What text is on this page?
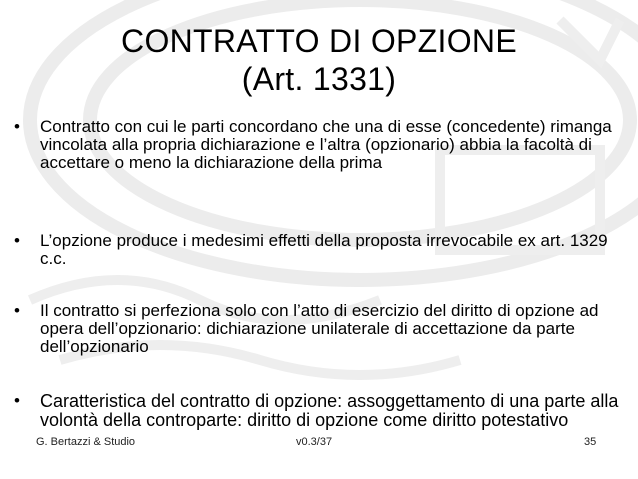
CONTRATTO DI OPZIONE
(Art. 1331)
• Contratto con cui le parti concordano che una di esse (concedente) rimanga vincolata alla propria dichiarazione e l’altra (opzionario) abbia la facoltà di accettare o meno la dichiarazione della prima
• L’opzione produce i medesimi effetti della proposta irrevocabile ex art. 1329 c.c.
• Il contratto si perfeziona solo con l’atto di esercizio del diritto di opzione ad opera dell’opzionario: dichiarazione unilaterale di accettazione da parte dell’opzionario
• Caratteristica del contratto di opzione: assoggettamento di una parte alla volontà della controparte: diritto di opzione come diritto potestativo
G. Bertazzi & Studio	v0.3/37	35
